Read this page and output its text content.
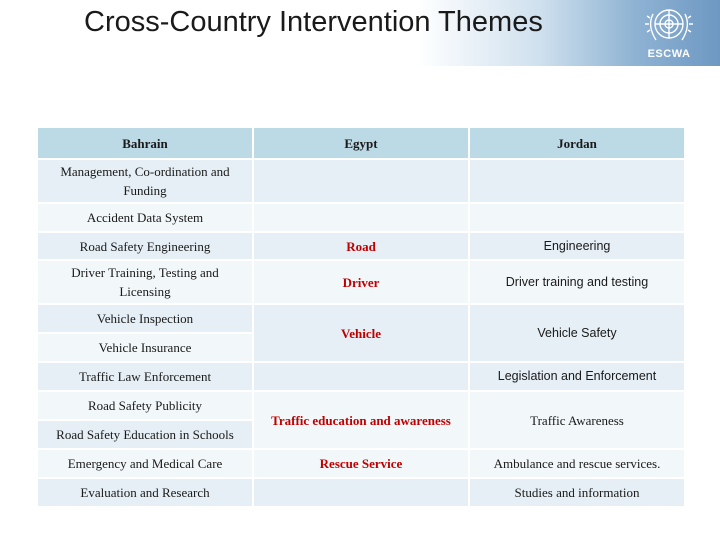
Cross-Country Intervention Themes
ESCWA
Bahrain	Egypt	Jordan
Management, Co-ordination and Funding		
Accident Data System		
Road Safety Engineering	Road	Engineering
Driver Training, Testing and Licensing	Driver	Driver training and testing
Vehicle Inspection	Vehicle	Vehicle Safety
Vehicle Insurance		
Traffic Law Enforcement		Legislation and Enforcement
Road Safety Publicity	Traffic education and awareness	Traffic Awareness
Road Safety Education in Schools		
Emergency and Medical Care	Rescue Service	Ambulance and rescue services.
Evaluation and Research		Studies and information
